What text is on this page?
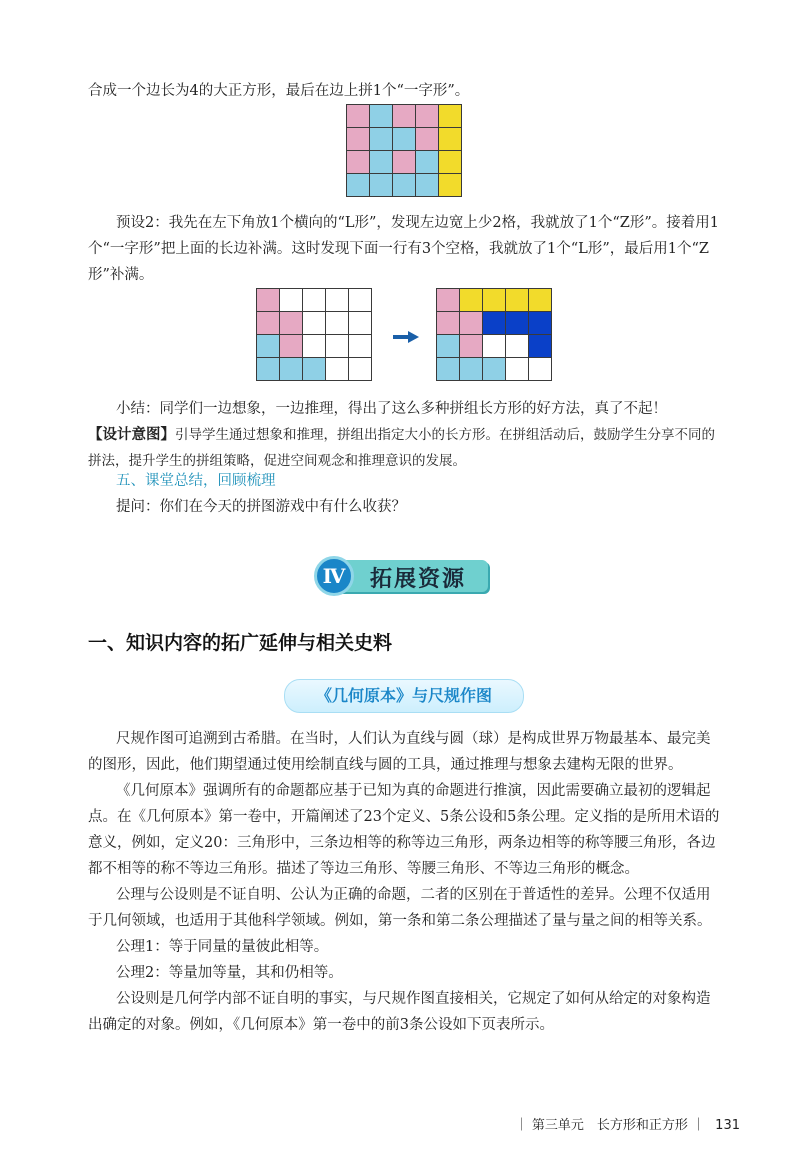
合成一个边长为4的大正方形，最后在边上拼1个“一字形”。

预设2：我先在左下角放1个横向的“L形”，发现左边宽上少2格，我就放了1个“Z形”。接着用1个“一字形”把上面的长边补满。这时发现下面一行有3个空格，我就放了1个“L形”，最后用1个“Z形”补满。

小结：同学们一边想象，一边推理，得出了这么多种拼组长方形的好方法，真了不起！

【设计意图】引导学生通过想象和推理，拼组出指定大小的长方形。在拼组活动后，鼓励学生分享不同的拼法，提升学生的拼组策略，促进空间观念和推理意识的发展。

五、课堂总结，回顾梳理

提问：你们在今天的拼图游戏中有什么收获？

Ⅳ	拓展资源
一、知识内容的拓广延伸与相关史料
《几何原本》与尺规作图

尺规作图可追溯到古希腊。在当时，人们认为直线与圆（球）是构成世界万物最基本、最完美的图形，因此，他们期望通过使用绘制直线与圆的工具，通过推理与想象去建构无限的世界。

《几何原本》强调所有的命题都应基于已知为真的命题进行推演，因此需要确立最初的逻辑起点。在《几何原本》第一卷中，开篇阐述了23个定义、5条公设和5条公理。定义指的是所用术语的意义，例如，定义20：三角形中，三条边相等的称等边三角形，两条边相等的称等腰三角形，各边都不相等的称不等边三角形。描述了等边三角形、等腰三角形、不等边三角形的概念。

公理与公设则是不证自明、公认为正确的命题，二者的区别在于普适性的差异。公理不仅适用于几何领域，也适用于其他科学领域。例如，第一条和第二条公理描述了量与量之间的相等关系。

公理1：等于同量的量彼此相等。

公理2：等量加等量，其和仍相等。

公设则是几何学内部不证自明的事实，与尺规作图直接相关，它规定了如何从给定的对象构造出确定的对象。例如，《几何原本》第一卷中的前3条公设如下页表所示。

｜ 第三单元　长方形和正方形 ｜ 131
